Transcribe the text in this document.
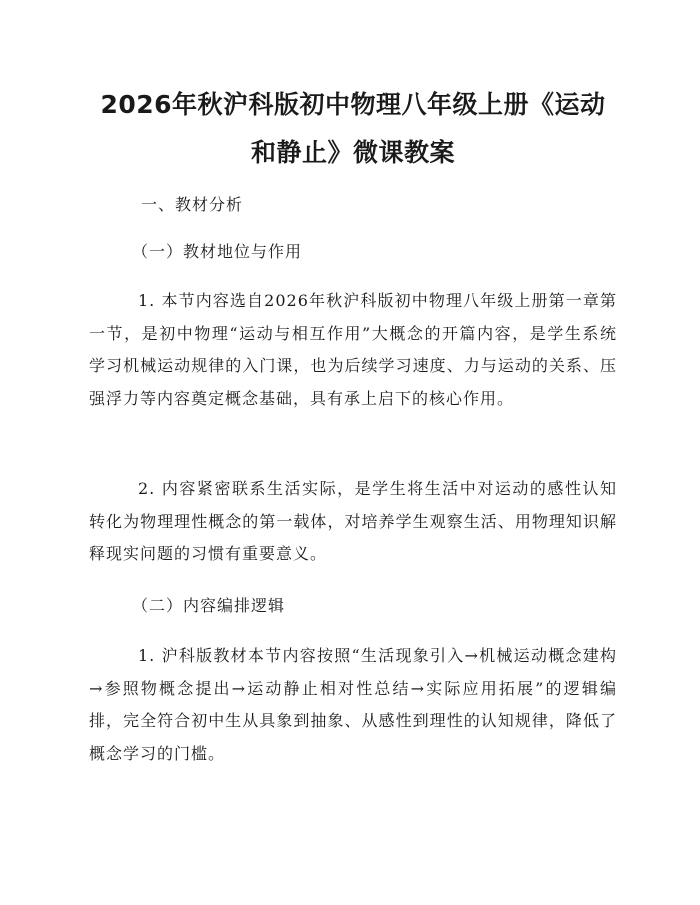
2026年秋沪科版初中物理八年级上册《运动
和静止》微课教案

一、教材分析

（一）教材地位与作用

1. 本节内容选自2026年秋沪科版初中物理八年级上册第一章第一节，是初中物理“运动与相互作用”大概念的开篇内容，是学生系统学习机械运动规律的入门课，也为后续学习速度、力与运动的关系、压强浮力等内容奠定概念基础，具有承上启下的核心作用。

2. 内容紧密联系生活实际，是学生将生活中对运动的感性认知转化为物理理性概念的第一载体，对培养学生观察生活、用物理知识解释现实问题的习惯有重要意义。

（二）内容编排逻辑

1. 沪科版教材本节内容按照“生活现象引入→机械运动概念建构→参照物概念提出→运动静止相对性总结→实际应用拓展”的逻辑编排，完全符合初中生从具象到抽象、从感性到理性的认知规律，降低了概念学习的门槛。
